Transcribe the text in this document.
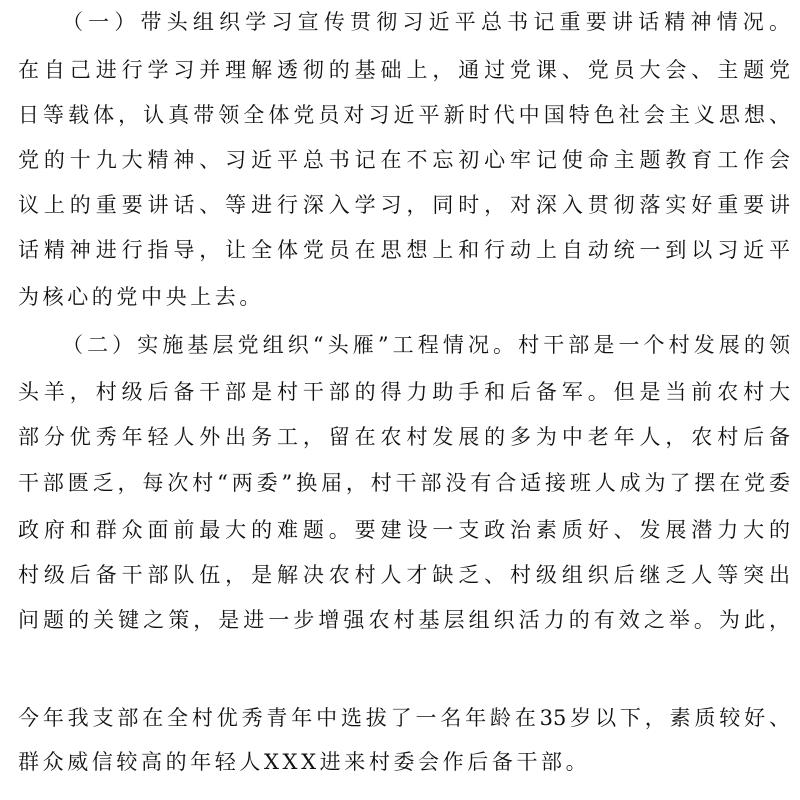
（一）带头组织学习宣传贯彻习近平总书记重要讲话精神情况。
在自己进行学习并理解透彻的基础上，通过党课、党员大会、主题党
日等载体，认真带领全体党员对习近平新时代中国特色社会主义思想、
党的十九大精神、习近平总书记在不忘初心牢记使命主题教育工作会
议上的重要讲话、等进行深入学习，同时，对深入贯彻落实好重要讲
话精神进行指导，让全体党员在思想上和行动上自动统一到以习近平
为核心的党中央上去。
（二）实施基层党组织“头雁”工程情况。村干部是一个村发展的领
头羊，村级后备干部是村干部的得力助手和后备军。但是当前农村大
部分优秀年轻人外出务工，留在农村发展的多为中老年人，农村后备
干部匮乏，每次村“两委”换届，村干部没有合适接班人成为了摆在党委
政府和群众面前最大的难题。要建设一支政治素质好、发展潜力大的
村级后备干部队伍，是解决农村人才缺乏、村级组织后继乏人等突出
问题的关键之策，是进一步增强农村基层组织活力的有效之举。为此，
今年我支部在全村优秀青年中选拔了一名年龄在35岁以下，素质较好、
群众威信较高的年轻人XXX进来村委会作后备干部。
